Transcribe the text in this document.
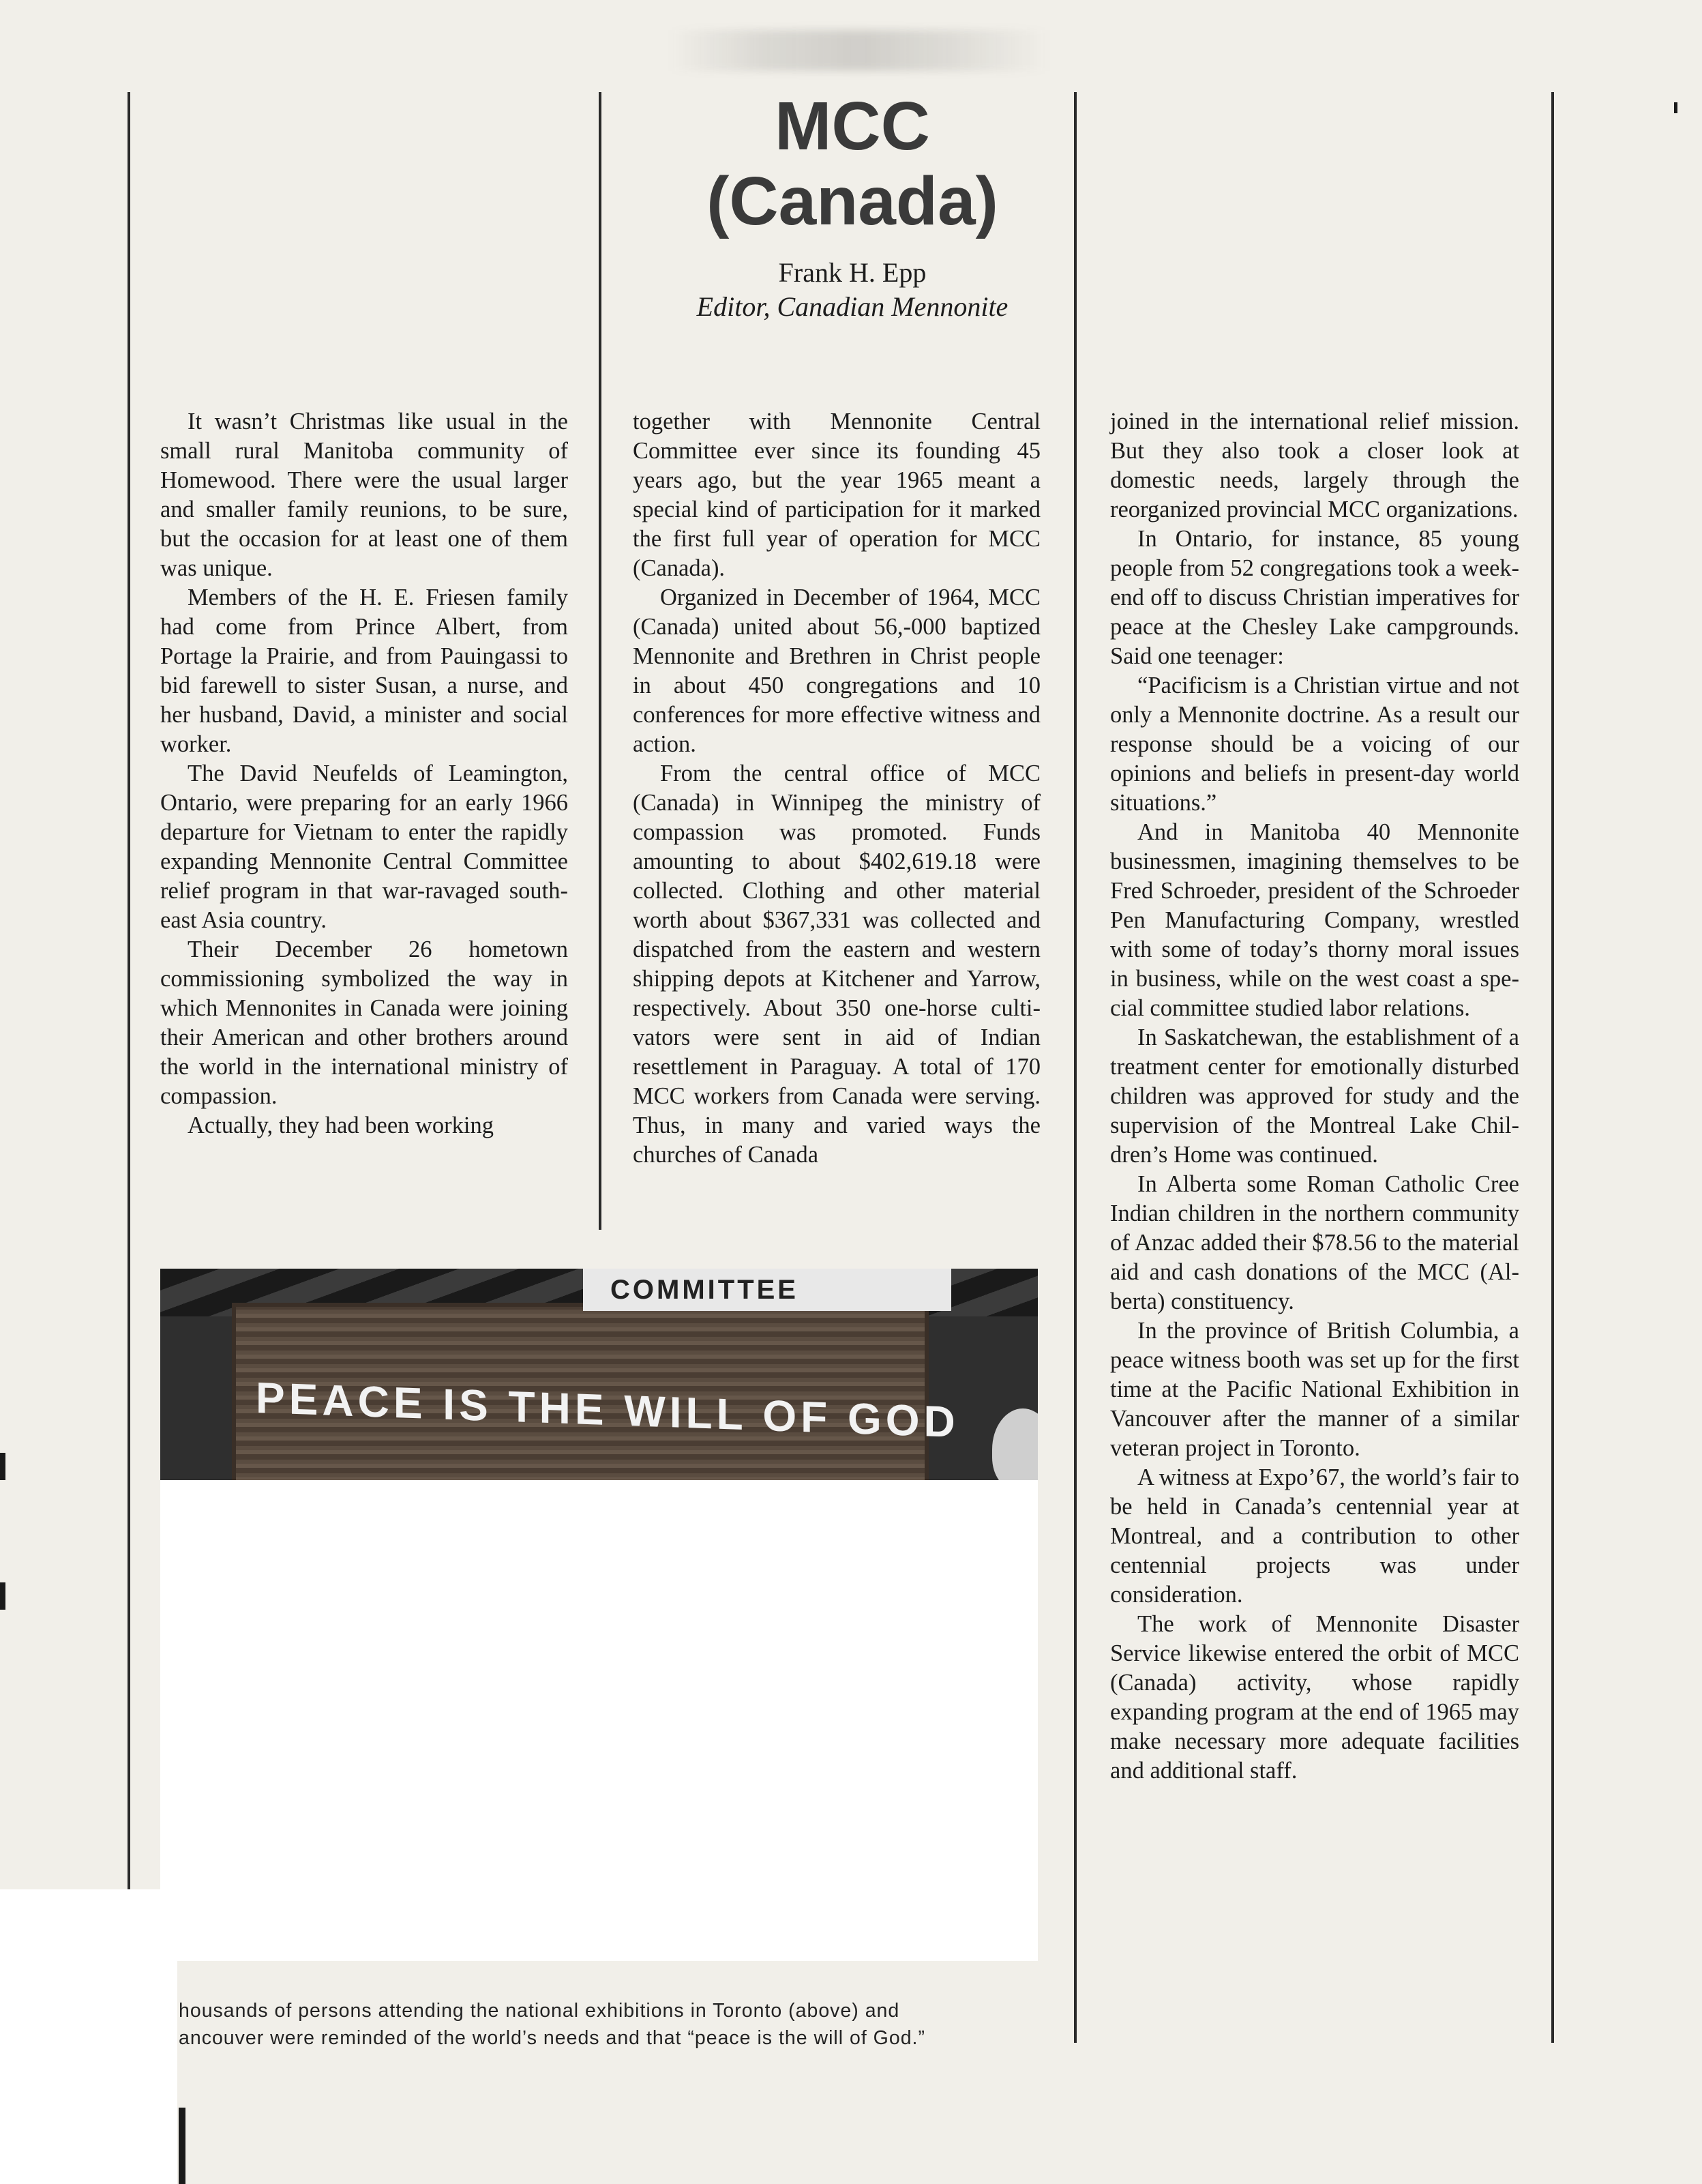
MCC
(Canada)
Frank H. Epp
Editor, Canadian Mennonite

It wasn’t Christmas like usual in the small rural Manitoba community of Homewood. There were the usual larger and smaller family reunions, to be sure, but the occasion for at least one of them was unique.

Members of the H. E. Friesen family had come from Prince Albert, from Portage la Prairie, and from Pauingassi to bid farewell to sister Susan, a nurse, and her husband, David, a minister and social worker.

The David Neufelds of Leamington, Ontario, were preparing for an early 1966 departure for Vietnam to enter the rapidly expanding Mennonite Central Committee relief program in that war-ravaged southeast Asia country.

Their December 26 hometown commissioning symbolized the way in which Mennonites in Canada were joining their American and other brothers around the world in the international ministry of compassion.

Actually, they had been working

together with Mennonite Central Committee ever since its founding 45 years ago, but the year 1965 meant a special kind of participation for it marked the first full year of operation for MCC (Canada).

Organized in December of 1964, MCC (Canada) united about 56,-000 baptized Mennonite and Brethren in Christ people in about 450 congregations and 10 conferences for more effective witness and action.

From the central office of MCC (Canada) in Winnipeg the ministry of compassion was promoted. Funds amounting to about $402,619.18 were collected. Clothing and other material worth about $367,331 was collected and dispatched from the eastern and western shipping depots at Kitchener and Yarrow, respectively. About 350 one-horse cultivators were sent in aid of Indian resettlement in Paraguay. A total of 170 MCC workers from Canada were serving. Thus, in many and varied ways the churches of Canada

joined in the international relief mission. But they also took a closer look at domestic needs, largely through the reorganized provincial MCC organizations.

In Ontario, for instance, 85 young people from 52 congregations took a week-end off to discuss Christian imperatives for peace at the Chesley Lake campgrounds. Said one teenager:

“Pacificism is a Christian virtue and not only a Mennonite doctrine. As a result our response should be a voicing of our opinions and beliefs in present-day world situations.”

And in Manitoba 40 Mennonite businessmen, imagining themselves to be Fred Schroeder, president of the Schroeder Pen Manufacturing Company, wrestled with some of today’s thorny moral issues in business, while on the west coast a special committee studied labor relations.

In Saskatchewan, the establishment of a treatment center for emotionally disturbed children was approved for study and the supervision of the Montreal Lake Children’s Home was continued.

In Alberta some Roman Catholic Cree Indian children in the northern community of Anzac added their $78.56 to the material aid and cash donations of the MCC (Alberta) constituency.

In the province of British Columbia, a peace witness booth was set up for the first time at the Pacific National Exhibition in Vancouver after the manner of a similar veteran project in Toronto.

A witness at Expo’67, the world’s fair to be held in Canada’s centennial year at Montreal, and a contribution to other centennial projects was under consideration.

The work of Mennonite Disaster Service likewise entered the orbit of MCC (Canada) activity, whose rapidly expanding program at the end of 1965 may make necessary more adequate facilities and additional staff.

COMMITTEE
PEACE IS THE WILL OF GOD
housands of persons attending the national exhibitions in Toronto (above) and
ancouver were reminded of the world’s needs and that “peace is the will of God.”
